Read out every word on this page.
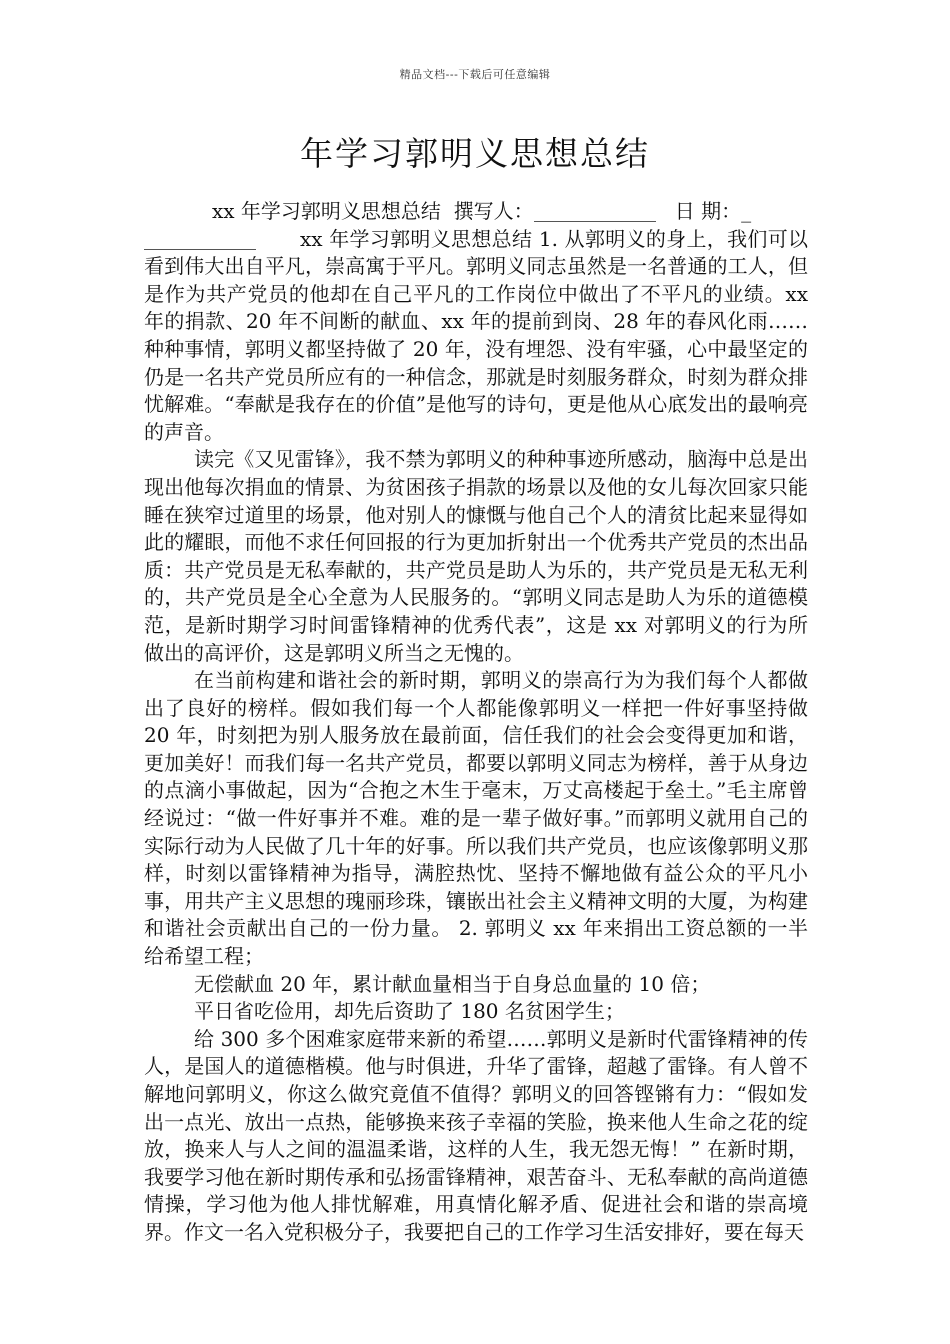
精品文档---下载后可任意编辑
年学习郭明义思想总结

xx 年学习郭明义思想总结 撰写人：	日 期：_

xx 年学习郭明义思想总结 1. 从郭明义的身上，我们可以看到伟大出自平凡，崇高寓于平凡。郭明义同志虽然是一名普通的工人，但是作为共产党员的他却在自己平凡的工作岗位中做出了不平凡的业绩。xx 年的捐款、20 年不间断的献血、xx 年的提前到岗、28 年的春风化雨……种种事情，郭明义都坚持做了 20 年，没有埋怨、没有牢骚，心中最坚定的仍是一名共产党员所应有的一种信念，那就是时刻服务群众，时刻为群众排忧解难。“奉献是我存在的价值”是他写的诗句，更是他从心底发出的最响亮的声音。

读完《又见雷锋》，我不禁为郭明义的种种事迹所感动，脑海中总是出现出他每次捐血的情景、为贫困孩子捐款的场景以及他的女儿每次回家只能睡在狭窄过道里的场景，他对别人的慷慨与他自己个人的清贫比起来显得如此的耀眼，而他不求任何回报的行为更加折射出一个优秀共产党员的杰出品质：共产党员是无私奉献的，共产党员是助人为乐的，共产党员是无私无利的，共产党员是全心全意为人民服务的。“郭明义同志是助人为乐的道德模范，是新时期学习时间雷锋精神的优秀代表”，这是 xx 对郭明义的行为所做出的高评价，这是郭明义所当之无愧的。

在当前构建和谐社会的新时期，郭明义的崇高行为为我们每个人都做出了良好的榜样。假如我们每一个人都能像郭明义一样把一件好事坚持做 20 年，时刻把为别人服务放在最前面，信任我们的社会会变得更加和谐，更加美好！而我们每一名共产党员，都要以郭明义同志为榜样，善于从身边的点滴小事做起，因为“合抱之木生于毫末，万丈高楼起于垒土。”毛主席曾经说过：“做一件好事并不难。难的是一辈子做好事。”而郭明义就用自己的实际行动为人民做了几十年的好事。所以我们共产党员，也应该像郭明义那样，时刻以雷锋精神为指导，满腔热忱、坚持不懈地做有益公众的平凡小事，用共产主义思想的瑰丽珍珠，镶嵌出社会主义精神文明的大厦，为构建和谐社会贡献出自己的一份力量。 2. 郭明义 xx 年来捐出工资总额的一半给希望工程；

无偿献血 20 年，累计献血量相当于自身总血量的 10 倍；

平日省吃俭用，却先后资助了 180 名贫困学生；

给 300 多个困难家庭带来新的希望……郭明义是新时代雷锋精神的传人，是国人的道德楷模。他与时俱进，升华了雷锋，超越了雷锋。有人曾不解地问郭明义，你这么做究竟值不值得？郭明义的回答铿锵有力：“假如发出一点光、放出一点热，能够换来孩子幸福的笑脸，换来他人生命之花的绽放，换来人与人之间的温温柔谐，这样的人生，我无怨无悔！” 在新时期，我要学习他在新时期传承和弘扬雷锋精神，艰苦奋斗、无私奉献的高尚道德情操，学习他为他人排忧解难，用真情化解矛盾、促进社会和谐的崇高境界。作文一名入党积极分子，我要把自己的工作学习生活安排好，要在每天
